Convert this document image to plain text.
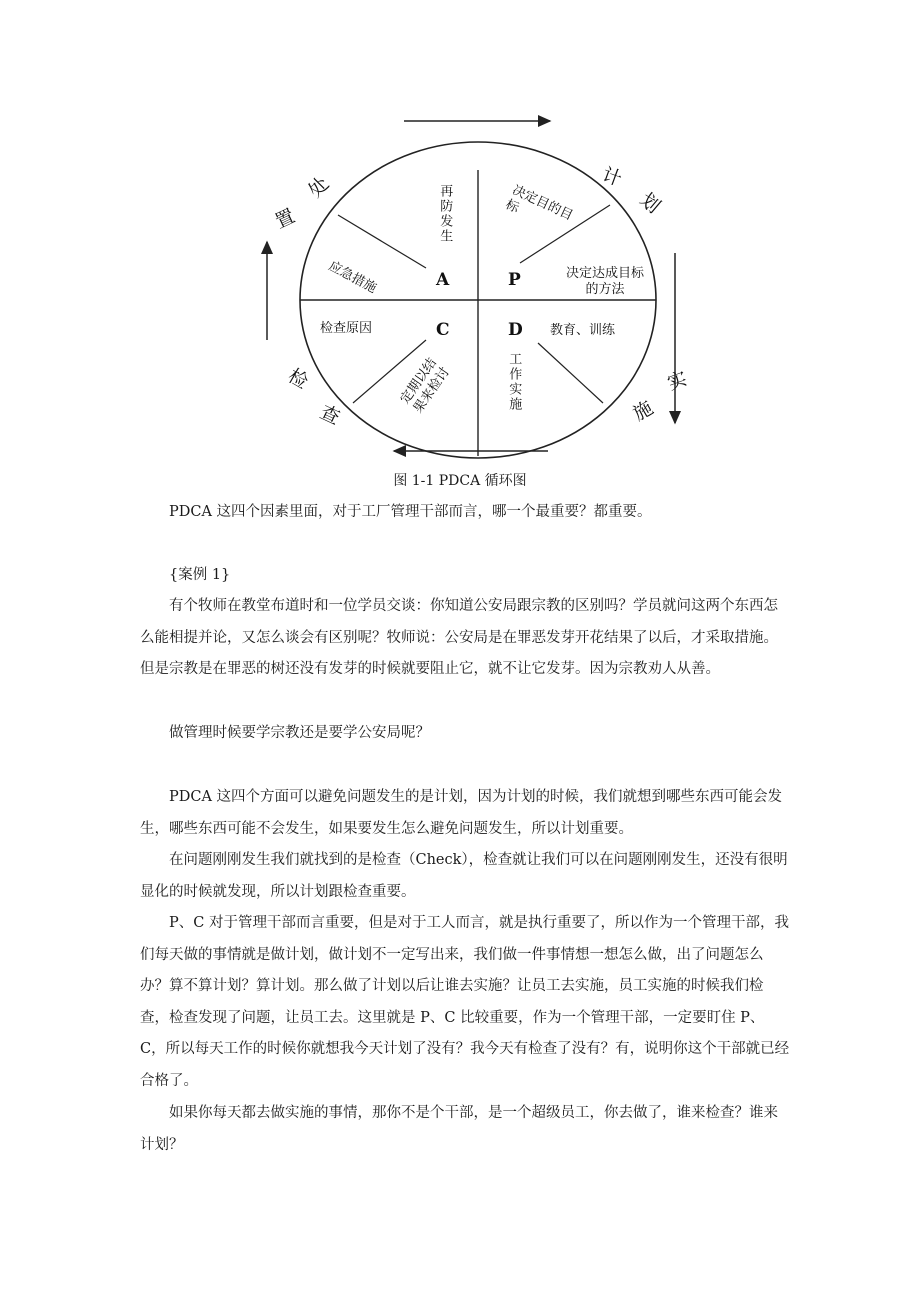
计
划
实
施
检
查
处
置
P
D
C
A
决定目的目标
决定达成目标的方法
教育、训练
工作实施
检查原因
定期以结果来检讨
应急措施
再防发生
图 1-1 PDCA 循环图

PDCA 这四个因素里面，对于工厂管理干部而言，哪一个最重要？都重要。

{案例 1}

有个牧师在教堂布道时和一位学员交谈：你知道公安局跟宗教的区别吗？学员就问这两个东西怎么能相提并论，又怎么谈会有区别呢？牧师说：公安局是在罪恶发芽开花结果了以后，才采取措施。但是宗教是在罪恶的树还没有发芽的时候就要阻止它，就不让它发芽。因为宗教劝人从善。

做管理时候要学宗教还是要学公安局呢？

PDCA 这四个方面可以避免问题发生的是计划，因为计划的时候，我们就想到哪些东西可能会发生，哪些东西可能不会发生，如果要发生怎么避免问题发生，所以计划重要。

在问题刚刚发生我们就找到的是检查（Check），检查就让我们可以在问题刚刚发生，还没有很明显化的时候就发现，所以计划跟检查重要。

P、C 对于管理干部而言重要，但是对于工人而言，就是执行重要了，所以作为一个管理干部，我们每天做的事情就是做计划，做计划不一定写出来，我们做一件事情想一想怎么做，出了问题怎么办？算不算计划？算计划。那么做了计划以后让谁去实施？让员工去实施，员工实施的时候我们检查，检查发现了问题，让员工去。这里就是 P、C 比较重要，作为一个管理干部，一定要盯住 P、C，所以每天工作的时候你就想我今天计划了没有？我今天有检查了没有？有，说明你这个干部就已经合格了。

如果你每天都去做实施的事情，那你不是个干部，是一个超级员工，你去做了，谁来检查？谁来计划？
